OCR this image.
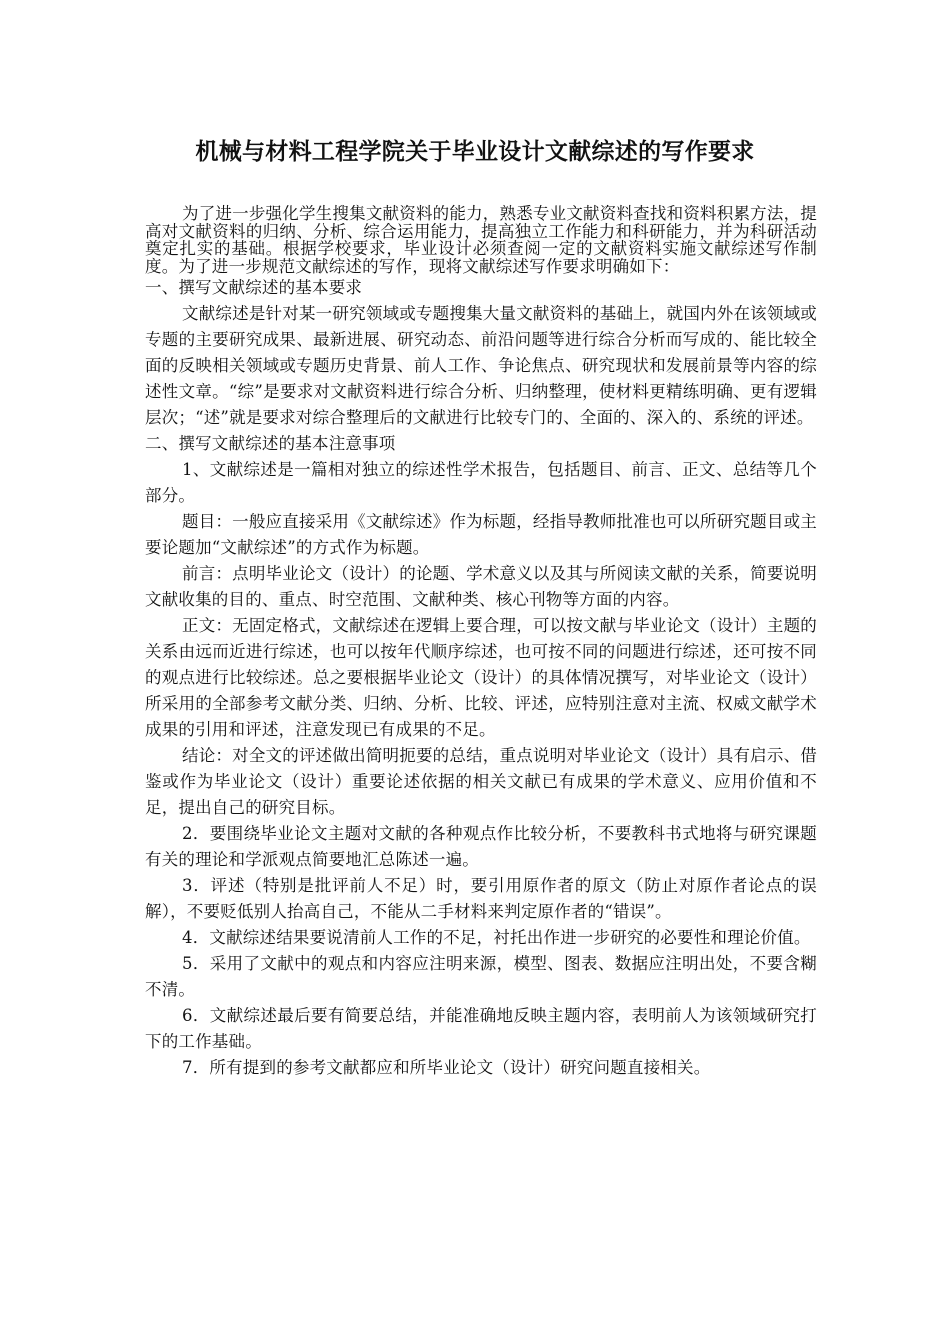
机械与材料工程学院关于毕业设计文献综述的写作要求

为了进一步强化学生搜集文献资料的能力，熟悉专业文献资料查找和资料积累方法，提高对文献资料的归纳、分析、综合运用能力，提高独立工作能力和科研能力，并为科研活动奠定扎实的基础。根据学校要求，毕业设计必须查阅一定的文献资料实施文献综述写作制度。为了进一步规范文献综述的写作，现将文献综述写作要求明确如下：

一、撰写文献综述的基本要求

文献综述是针对某一研究领域或专题搜集大量文献资料的基础上，就国内外在该领域或专题的主要研究成果、最新进展、研究动态、前沿问题等进行综合分析而写成的、能比较全面的反映相关领域或专题历史背景、前人工作、争论焦点、研究现状和发展前景等内容的综述性文章。“综”是要求对文献资料进行综合分析、归纳整理，使材料更精练明确、更有逻辑层次；“述”就是要求对综合整理后的文献进行比较专门的、全面的、深入的、系统的评述。

二、撰写文献综述的基本注意事项

1、文献综述是一篇相对独立的综述性学术报告，包括题目、前言、正文、总结等几个部分。

题目：一般应直接采用《文献综述》作为标题，经指导教师批准也可以所研究题目或主要论题加“文献综述”的方式作为标题。

前言：点明毕业论文（设计）的论题、学术意义以及其与所阅读文献的关系，简要说明文献收集的目的、重点、时空范围、文献种类、核心刊物等方面的内容。

正文：无固定格式，文献综述在逻辑上要合理，可以按文献与毕业论文（设计）主题的关系由远而近进行综述，也可以按年代顺序综述，也可按不同的问题进行综述，还可按不同的观点进行比较综述。总之要根据毕业论文（设计）的具体情况撰写，对毕业论文（设计）所采用的全部参考文献分类、归纳、分析、比较、评述，应特别注意对主流、权威文献学术成果的引用和评述，注意发现已有成果的不足。

结论：对全文的评述做出简明扼要的总结，重点说明对毕业论文（设计）具有启示、借鉴或作为毕业论文（设计）重要论述依据的相关文献已有成果的学术意义、应用价值和不足，提出自己的研究目标。

2．要围绕毕业论文主题对文献的各种观点作比较分析，不要教科书式地将与研究课题有关的理论和学派观点简要地汇总陈述一遍。

3．评述（特别是批评前人不足）时，要引用原作者的原文（防止对原作者论点的误解），不要贬低别人抬高自己，不能从二手材料来判定原作者的“错误”。

4．文献综述结果要说清前人工作的不足，衬托出作进一步研究的必要性和理论价值。

5．采用了文献中的观点和内容应注明来源，模型、图表、数据应注明出处，不要含糊不清。

6．文献综述最后要有简要总结，并能准确地反映主题内容，表明前人为该领域研究打下的工作基础。

7．所有提到的参考文献都应和所毕业论文（设计）研究问题直接相关。
